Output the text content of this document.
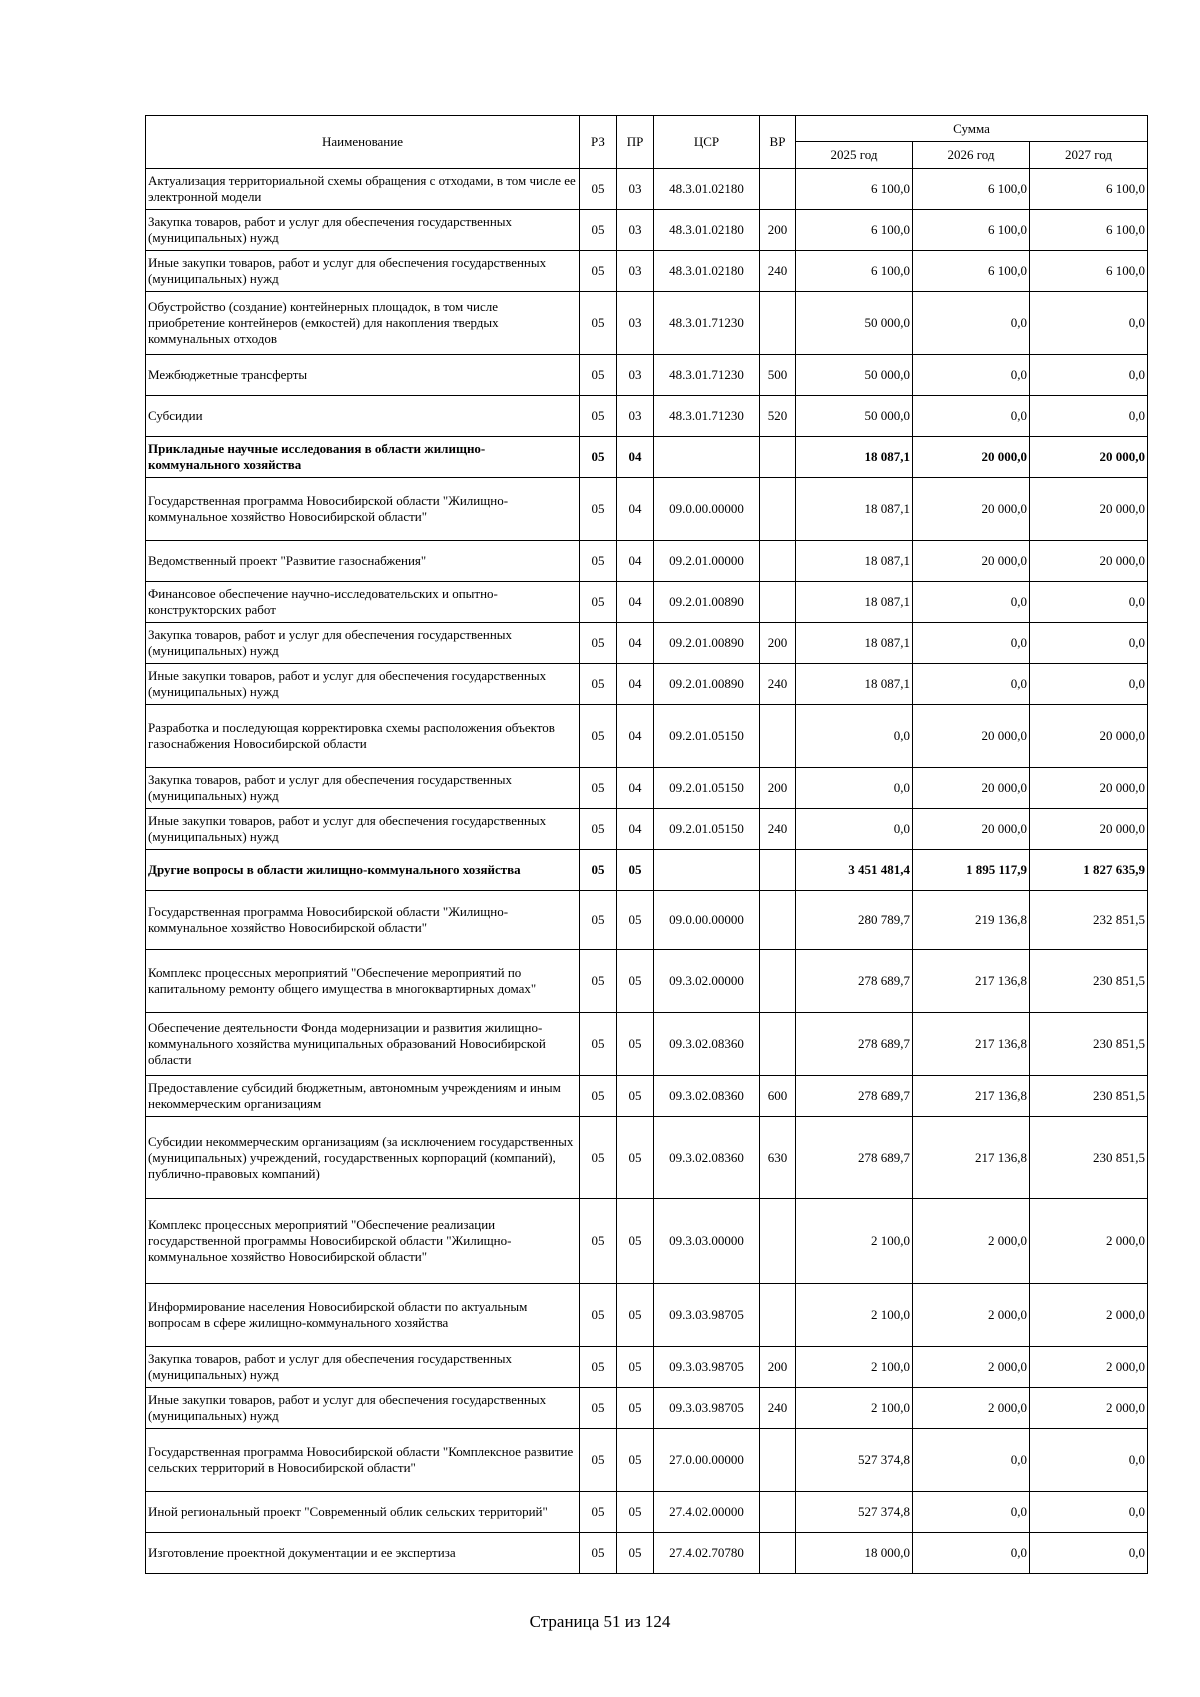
Наименование	РЗ	ПР	ЦСР	ВР	Сумма		
					2025 год	2026 год	2027 год
Актуализация территориальной схемы обращения с отходами, в том числе ее электронной модели	05	03	48.3.01.02180		6 100,0	6 100,0	6 100,0
Закупка товаров, работ и услуг для обеспечения государственных (муниципальных) нужд	05	03	48.3.01.02180	200	6 100,0	6 100,0	6 100,0
Иные закупки товаров, работ и услуг для обеспечения государственных (муниципальных) нужд	05	03	48.3.01.02180	240	6 100,0	6 100,0	6 100,0
Обустройство (создание) контейнерных площадок, в том числе приобретение контейнеров (емкостей) для накопления твердых коммунальных отходов	05	03	48.3.01.71230		50 000,0	0,0	0,0
Межбюджетные трансферты	05	03	48.3.01.71230	500	50 000,0	0,0	0,0
Субсидии	05	03	48.3.01.71230	520	50 000,0	0,0	0,0
Прикладные научные исследования в области жилищно-коммунального хозяйства	05	04			18 087,1	20 000,0	20 000,0
Государственная программа Новосибирской области "Жилищно-коммунальное хозяйство Новосибирской области"	05	04	09.0.00.00000		18 087,1	20 000,0	20 000,0
Ведомственный проект "Развитие газоснабжения"	05	04	09.2.01.00000		18 087,1	20 000,0	20 000,0
Финансовое обеспечение научно-исследовательских и опытно-конструкторских работ	05	04	09.2.01.00890		18 087,1	0,0	0,0
Закупка товаров, работ и услуг для обеспечения государственных (муниципальных) нужд	05	04	09.2.01.00890	200	18 087,1	0,0	0,0
Иные закупки товаров, работ и услуг для обеспечения государственных (муниципальных) нужд	05	04	09.2.01.00890	240	18 087,1	0,0	0,0
Разработка и последующая корректировка схемы расположения объектов газоснабжения Новосибирской области	05	04	09.2.01.05150		0,0	20 000,0	20 000,0
Закупка товаров, работ и услуг для обеспечения государственных (муниципальных) нужд	05	04	09.2.01.05150	200	0,0	20 000,0	20 000,0
Иные закупки товаров, работ и услуг для обеспечения государственных (муниципальных) нужд	05	04	09.2.01.05150	240	0,0	20 000,0	20 000,0
Другие вопросы в области жилищно-коммунального хозяйства	05	05			3 451 481,4	1 895 117,9	1 827 635,9
Государственная программа Новосибирской области "Жилищно-коммунальное хозяйство Новосибирской области"	05	05	09.0.00.00000		280 789,7	219 136,8	232 851,5
Комплекс процессных мероприятий "Обеспечение мероприятий по капитальному ремонту общего имущества в многоквартирных домах"	05	05	09.3.02.00000		278 689,7	217 136,8	230 851,5
Обеспечение деятельности Фонда модернизации и развития жилищно-коммунального хозяйства муниципальных образований Новосибирской области	05	05	09.3.02.08360		278 689,7	217 136,8	230 851,5
Предоставление субсидий бюджетным, автономным учреждениям и иным некоммерческим организациям	05	05	09.3.02.08360	600	278 689,7	217 136,8	230 851,5
Субсидии некоммерческим организациям (за исключением государственных (муниципальных) учреждений, государственных корпораций (компаний), публично-правовых компаний)	05	05	09.3.02.08360	630	278 689,7	217 136,8	230 851,5
Комплекс процессных мероприятий "Обеспечение реализации государственной программы Новосибирской области "Жилищно-коммунальное хозяйство Новосибирской области"	05	05	09.3.03.00000		2 100,0	2 000,0	2 000,0
Информирование населения Новосибирской области по актуальным вопросам в сфере жилищно-коммунального хозяйства	05	05	09.3.03.98705		2 100,0	2 000,0	2 000,0
Закупка товаров, работ и услуг для обеспечения государственных (муниципальных) нужд	05	05	09.3.03.98705	200	2 100,0	2 000,0	2 000,0
Иные закупки товаров, работ и услуг для обеспечения государственных (муниципальных) нужд	05	05	09.3.03.98705	240	2 100,0	2 000,0	2 000,0
Государственная программа Новосибирской области "Комплексное развитие сельских территорий в Новосибирской области"	05	05	27.0.00.00000		527 374,8	0,0	0,0
Иной региональный проект "Современный облик сельских территорий"	05	05	27.4.02.00000		527 374,8	0,0	0,0
Изготовление проектной документации и ее экспертиза	05	05	27.4.02.70780		18 000,0	0,0	0,0
Страница 51 из 124
